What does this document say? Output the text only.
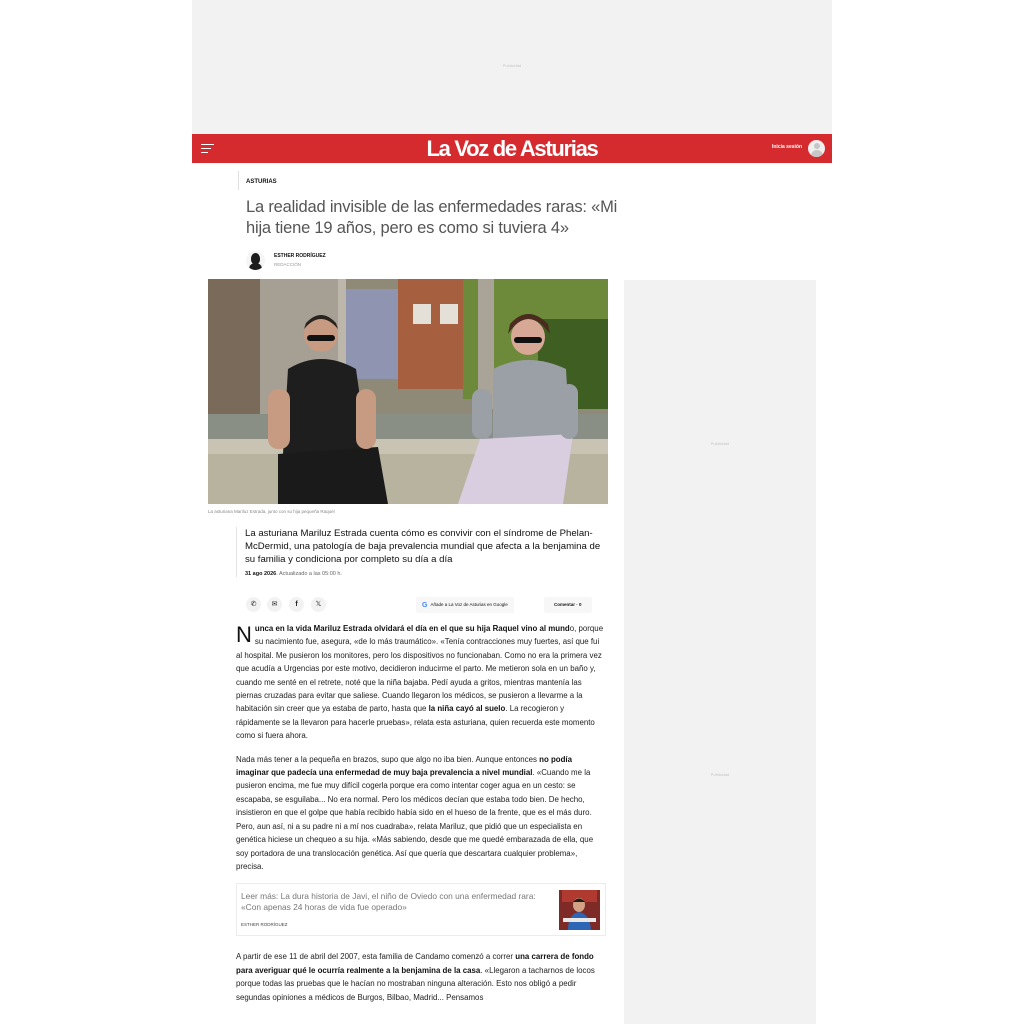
Publicidad
La Voz de Asturias	Inicia sesión
ASTURIAS
La realidad invisible de las enfermedades raras: «Mi hija tiene 19 años, pero es como si tuviera 4»
ESTHER RODRÍGUEZ
REDACCIÓN
La asturiana Mariluz Estrada, junto con su hija pequeña Raquel
Publicidad
Publicidad
La asturiana Mariluz Estrada cuenta cómo es convivir con el síndrome de Phelan-McDermid, una patología de baja prevalencia mundial que afecta a la benjamina de su familia y condiciona por completo su día a día
31 ago 2026. Actualizado a las 05:00 h.
✆	✉	f	𝕏	G Añade a La Voz de Asturias en Google	Comentar · 0

Nunca en la vida Mariluz Estrada olvidará el día en el que su hija Raquel vino al mundo, porque su nacimiento fue, asegura, «de lo más traumático». «Tenía contracciones muy fuertes, así que fui al hospital. Me pusieron los monitores, pero los dispositivos no funcionaban. Como no era la primera vez que acudía a Urgencias por este motivo, decidieron inducirme el parto. Me metieron sola en un baño y, cuando me senté en el retrete, noté que la niña bajaba. Pedí ayuda a gritos, mientras mantenía las piernas cruzadas para evitar que saliese. Cuando llegaron los médicos, se pusieron a llevarme a la habitación sin creer que ya estaba de parto, hasta que la niña cayó al suelo. La recogieron y rápidamente se la llevaron para hacerle pruebas», relata esta asturiana, quien recuerda este momento como si fuera ahora.

Nada más tener a la pequeña en brazos, supo que algo no iba bien. Aunque entonces no podía imaginar que padecía una enfermedad de muy baja prevalencia a nivel mundial. «Cuando me la pusieron encima, me fue muy difícil cogerla porque era como intentar coger agua en un cesto: se escapaba, se esguilaba... No era normal. Pero los médicos decían que estaba todo bien. De hecho, insistieron en que el golpe que había recibido había sido en el hueso de la frente, que es el más duro. Pero, aun así, ni a su padre ni a mí nos cuadraba», relata Mariluz, que pidió que un especialista en genética hiciese un chequeo a su hija. «Más sabiendo, desde que me quedé embarazada de ella, que soy portadora de una translocación genética. Así que quería que descartara cualquier problema», precisa.

Leer más: La dura historia de Javi, el niño de Oviedo con una enfermedad rara: «Con apenas 24 horas de vida fue operado»
ESTHER RODRÍGUEZ

A partir de ese 11 de abril del 2007, esta familia de Candamo comenzó a correr una carrera de fondo para averiguar qué le ocurría realmente a la benjamina de la casa. «Llegaron a tacharnos de locos porque todas las pruebas que le hacían no mostraban ninguna alteración. Esto nos obligó a pedir segundas opiniones a médicos de Burgos, Bilbao, Madrid... Pensamos
